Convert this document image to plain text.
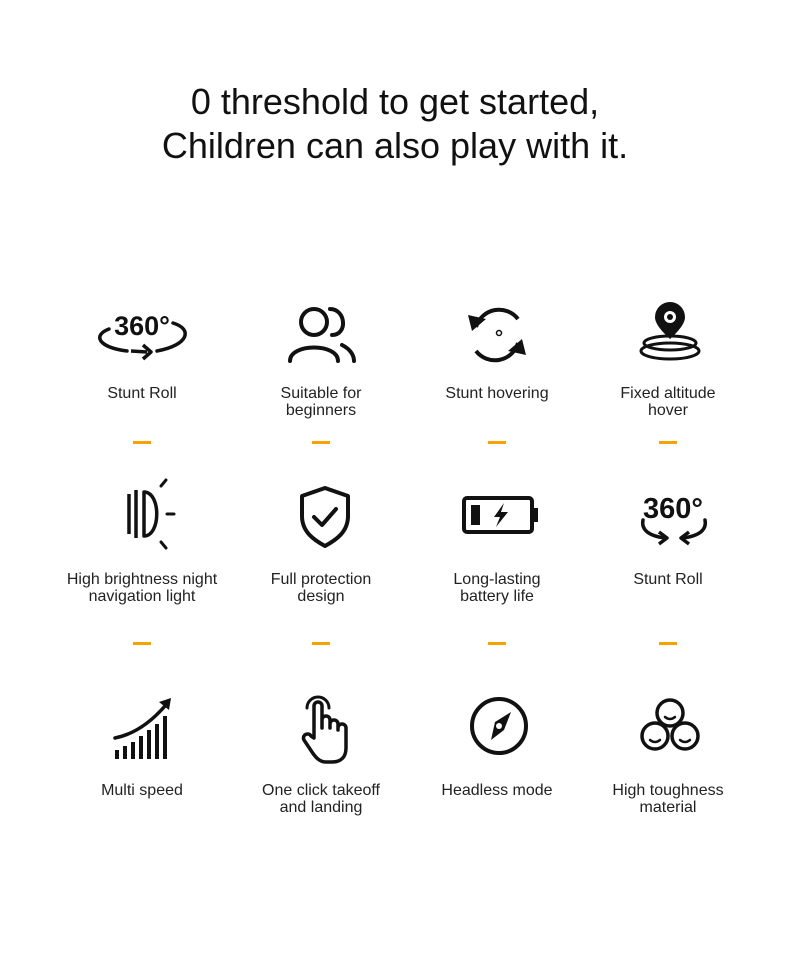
0 threshold to get started,
Children can also play with it.
360°
Stunt Roll	Suitable for
beginners
Stunt hovering	Fixed altitude
hover
High brightness night
navigation light
Full protection
design
Long-lasting
battery life
360°
Stunt Roll
Multi speed	One click takeoff
and landing
Headless mode	High toughness
material
